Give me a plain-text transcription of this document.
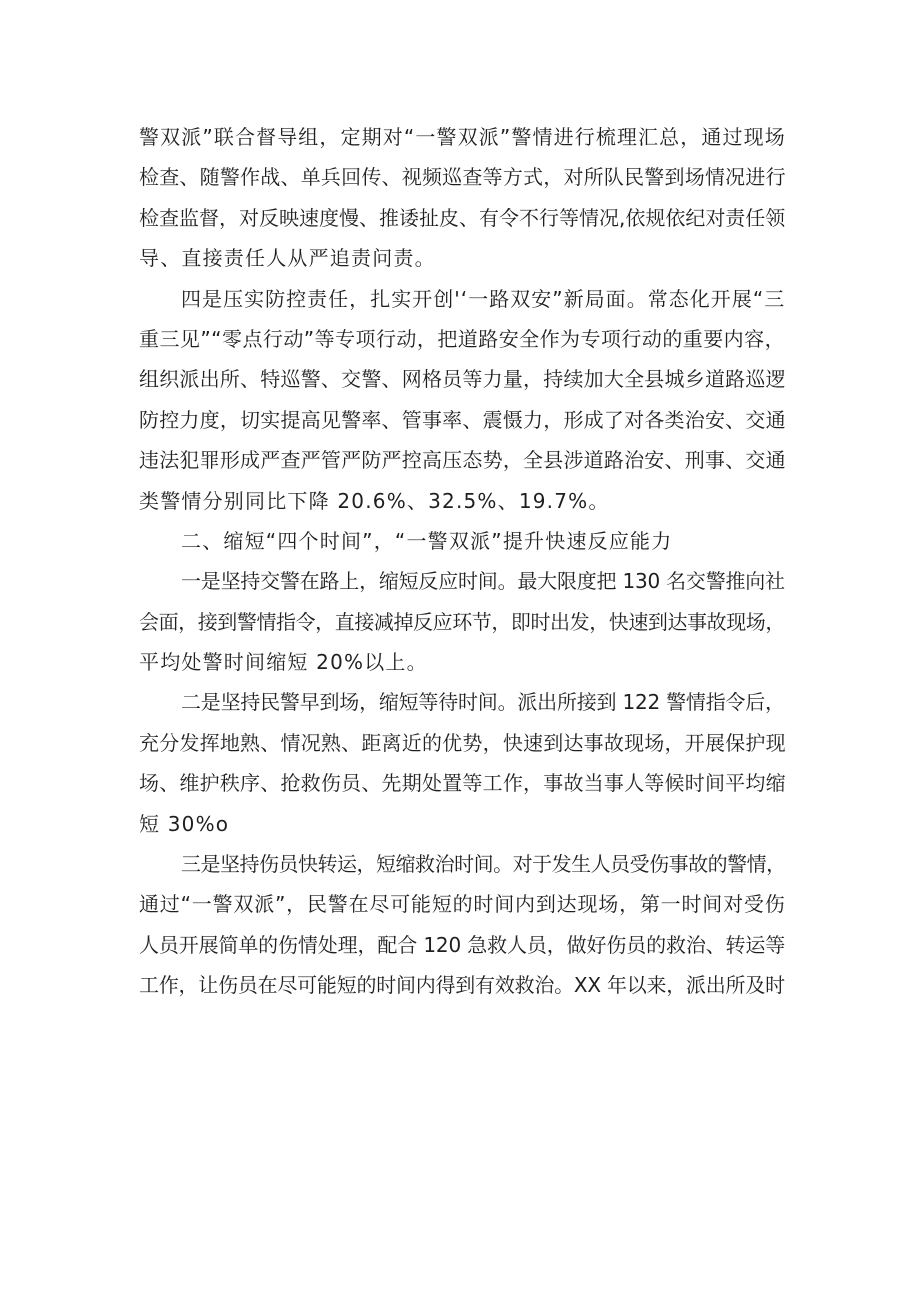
警双派”联合督导组，定期对“一警双派”警情进行梳理汇总，通过现场
检查、随警作战、单兵回传、视频巡查等方式，对所队民警到场情况进行
检查监督，对反映速度慢、推诿扯皮、有令不行等情况,依规依纪对责任领
导、直接责任人从严追责问责。
四是压实防控责任，扎实开创'‘一路双安”新局面。常态化开展“三
重三见”“零点行动”等专项行动，把道路安全作为专项行动的重要内容，
组织派出所、特巡警、交警、网格员等力量，持续加大全县城乡道路巡逻
防控力度，切实提高见警率、管事率、震慑力，形成了对各类治安、交通
违法犯罪形成严查严管严防严控高压态势，全县涉道路治安、刑事、交通
类警情分别同比下降 20.6%、32.5%、19.7%。
二、缩短“四个时间”，“一警双派”提升快速反应能力
一是坚持交警在路上，缩短反应时间。最大限度把 130 名交警推向社
会面，接到警情指令，直接减掉反应环节，即时出发，快速到达事故现场，
平均处警时间缩短 20%以上。
二是坚持民警早到场，缩短等待时间。派出所接到 122 警情指令后，
充分发挥地熟、情况熟、距离近的优势，快速到达事故现场，开展保护现
场、维护秩序、抢救伤员、先期处置等工作，事故当事人等候时间平均缩
短 30%o
三是坚持伤员快转运，短缩救治时间。对于发生人员受伤事故的警情，
通过“一警双派”，民警在尽可能短的时间内到达现场，第一时间对受伤
人员开展简单的伤情处理，配合 120 急救人员，做好伤员的救治、转运等
工作，让伤员在尽可能短的时间内得到有效救治。XX 年以来，派出所及时
